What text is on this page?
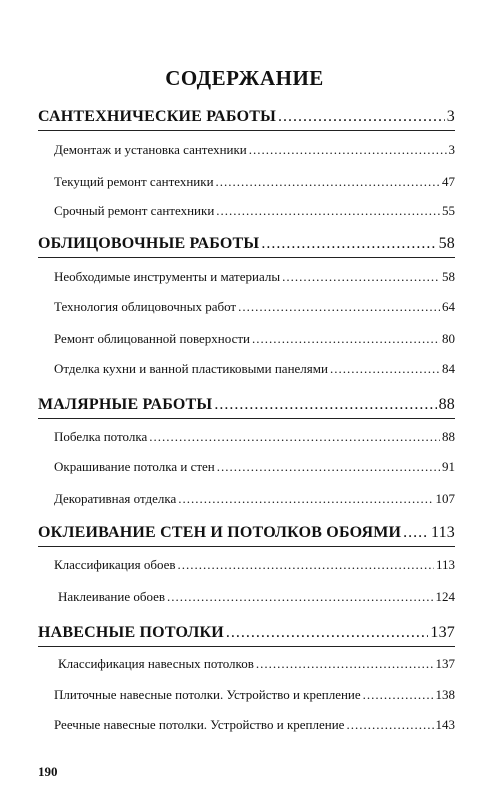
СОДЕРЖАНИЕ
САНТЕХНИЧЕСКИЕ РАБОТЫ .....	3
Демонтаж и установка сантехники .....	3
Текущий ремонт сантехники .....	47
Срочный ремонт сантехники .....	55
ОБЛИЦОВОЧНЫЕ РАБОТЫ .....	58
Необходимые инструменты и материалы .....	58
Технология облицовочных работ .....	64
Ремонт облицованной поверхности .....	80
Отделка кухни и ванной пластиковыми панелями .....	84
МАЛЯРНЫЕ РАБОТЫ .....	88
Побелка потолка .....	88
Окрашивание потолка и стен .....	91
Декоративная отделка .....	107
ОКЛЕИВАНИЕ СТЕН И ПОТОЛКОВ ОБОЯМИ ..... 113
Классификация обоев .....	113
Наклеивание обоев .....	124
НАВЕСНЫЕ ПОТОЛКИ .....	137
Классификация навесных потолков .....	137
Плиточные навесные потолки. Устройство и крепление .....	138
Реечные навесные потолки. Устройство и крепление .....	143
190
